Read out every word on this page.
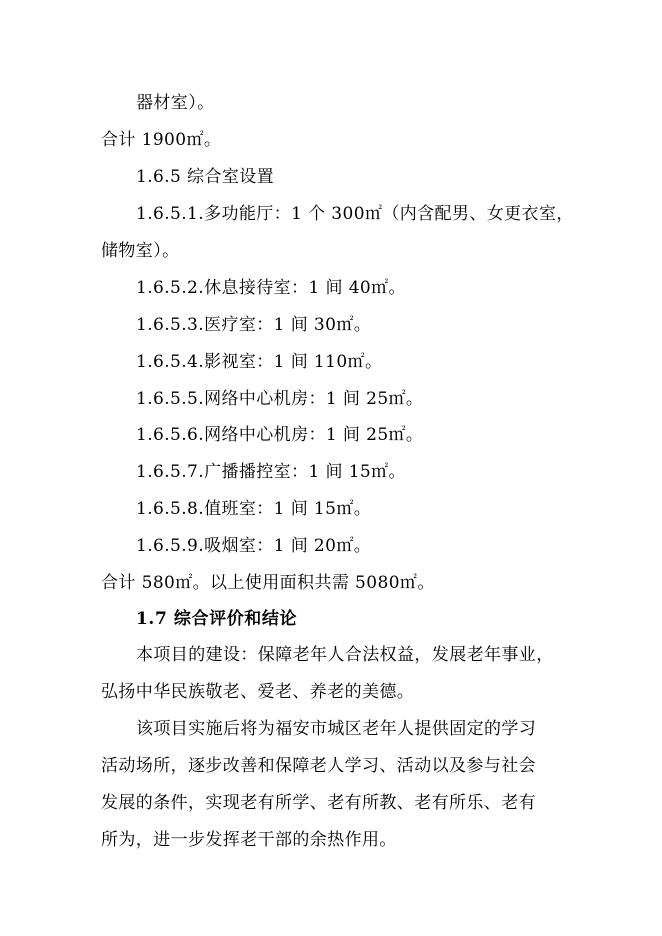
器材室）。
合计 1900㎡。
1.6.5 综合室设置
1.6.5.1.多功能厅：1 个 300㎡（内含配男、女更衣室，
储物室）。
1.6.5.2.休息接待室：1 间 40㎡。
1.6.5.3.医疗室：1 间 30㎡。
1.6.5.4.影视室：1 间 110㎡。
1.6.5.5.网络中心机房：1 间 25㎡。
1.6.5.6.网络中心机房：1 间 25㎡。
1.6.5.7.广播播控室：1 间 15㎡。
1.6.5.8.值班室：1 间 15㎡。
1.6.5.9.吸烟室：1 间 20㎡。
合计 580㎡。以上使用面积共需 5080㎡。
1.7 综合评价和结论
本项目的建设：保障老年人合法权益，发展老年事业，
弘扬中华民族敬老、爱老、养老的美德。
该项目实施后将为福安市城区老年人提供固定的学习
活动场所，逐步改善和保障老人学习、活动以及参与社会
发展的条件，实现老有所学、老有所教、老有所乐、老有
所为，进一步发挥老干部的余热作用。
